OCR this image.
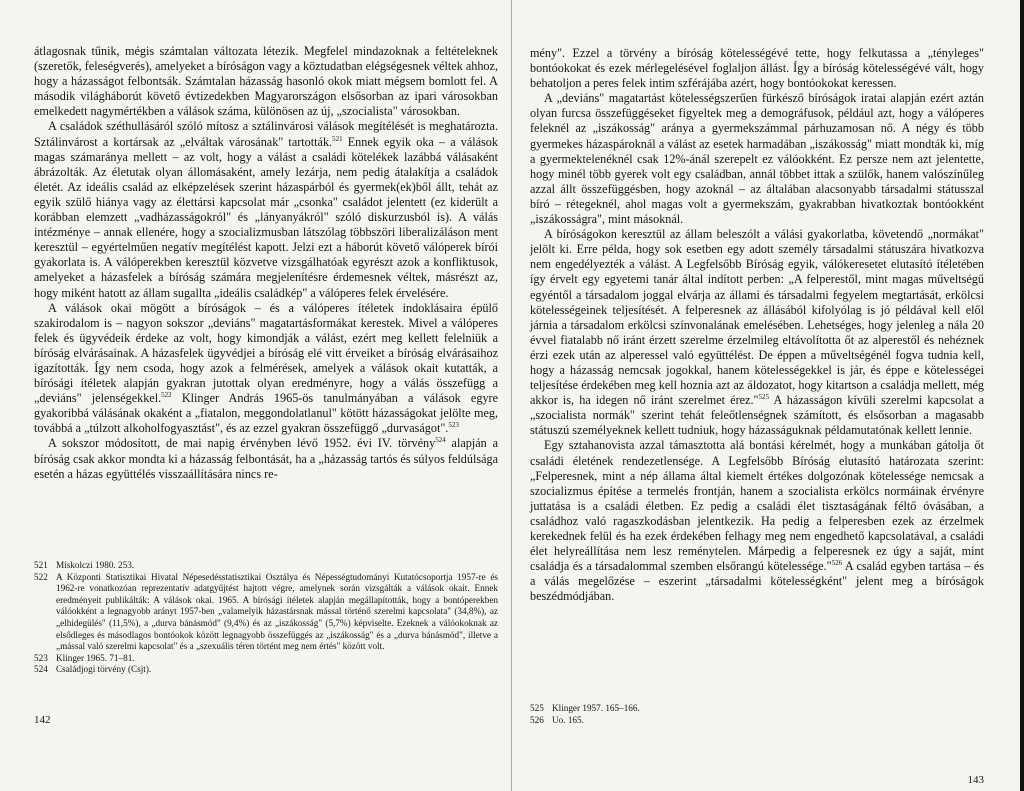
átlagosnak tűnik, mégis számtalan változata létezik. Megfelel mindazoknak a feltételeknek (szeretők, feleségverés), amelyeket a bíróságon vagy a köztudatban elégségesnek véltek ahhoz, hogy a házasságot felbontsák. Számtalan házasság hasonló okok miatt mégsem bomlott fel. A második világháborút követő évtizedekben Magyarországon elsősorban az ipari városokban emelkedett nagymértékben a válások száma, különösen az új, „szocialista" városokban.

A családok széthullásáról szóló mítosz a sztálinvárosi válások megítélését is meghatározta. Sztálinvárost a kortársak az „elváltak városának" tartották.$^{521}$ Ennek egyik oka – a válások magas számaránya mellett – az volt, hogy a válást a családi kötelékek lazábbá válásaként ábrázolták. Az életutak olyan állomásaként, amely lezárja, nem pedig átalakítja a családok életét. Az ideális család az elképzelések szerint házaspárból és gyermek(ek)ből állt, tehát az egyik szülő hiánya vagy az élettársi kapcsolat már „csonka" családot jelentett (ez kiderült a korábban elemzett „vadházasságokról" és „lányanyákról" szóló diskurzusból is). A válás intézménye – annak ellenére, hogy a szocializmusban látszólag többszöri liberalizáláson ment keresztül – egyértelműen negatív megítélést kapott. Jelzi ezt a háborút követő válóperek bírói gyakorlata is. A válóperekben keresztül közvetve vizsgálhatóak egyrészt azok a konfliktusok, amelyeket a házasfelek a bíróság számára megjelenítésre érdemesnek véltek, másrészt az, hogy miként hatott az állam sugallta „ideális családkép" a válóperes felek érvelésére.

A válások okai mögött a bíróságok – és a válóperes ítéletek indoklásaira épülő szakirodalom is – nagyon sokszor „deviáns" magatartásformákat kerestek. Mivel a válóperes felek és ügyvédeik érdeke az volt, hogy kimondják a válást, ezért meg kellett felelniük a bíróság elvárásainak. A házasfelek ügyvédjei a bíróság elé vitt érveiket a bíróság elvárásaihoz igazították. Így nem csoda, hogy azok a felmérések, amelyek a válások okait kutatták, a bírósági ítéletek alapján gyakran jutottak olyan eredményre, hogy a válás összefügg a „deviáns" jelenségekkel.$^{522}$ Klinger András 1965-ös tanulmányában a válások egyre gyakoribbá válásának okaként a „fiatalon, meggondolatlanul" kötött házasságokat jelölte meg, továbbá a „túlzott alkoholfogyasztást", és az ezzel gyakran összefüggő „durvaságot".$^{523}$

A sokszor módosított, de mai napig érvényben lévő 1952. évi IV. törvény$^{524}$ alapján a bíróság csak akkor mondta ki a házasság felbontását, ha a „házasság tartós és súlyos feldúlsága esetén a házas együttélés visszaállítására nincs re-

521 Miskolczi 1980. 253.
522 A Központi Statisztikai Hivatal Népesedésstatisztikai Osztálya és Népességtudományi Kutatócsoportja 1957-re és 1962-re vonatkozóan reprezentatív adatgyűjtést hajtott végre, amelynek során vizsgálták a válások okait. Ennek eredményeit publikálták: A válások okai. 1965. A bírósági ítéletek alapján megállapították, hogy a bontóperekben válóokként a legnagyobb arányt 1957-ben „valamelyik házastársnak mással történő szerelmi kapcsolata" (34,8%), az „elhidegülés" (11,5%), a „durva bánásmód" (9,4%) és az „iszákosság" (5,7%) képviselte. Ezeknek a válóokoknak az elsődleges és másodlagos bontóokok között legnagyobb összefüggés az „iszákosság" és a „durva bánásmód", illetve a „mással való szerelmi kapcsolat" és a „szexuális téren történt meg nem értés" között volt.
523 Klinger 1965. 71–81.
524 Családjogi törvény (Csjt).
142

mény". Ezzel a törvény a bíróság kötelességévé tette, hogy felkutassa a „tényleges" bontóokokat és ezek mérlegelésével foglaljon állást. Így a bíróság kötelességévé vált, hogy behatoljon a peres felek intim szférájába azért, hogy bontóokokat keressen.

A „deviáns" magatartást kötelességszerűen fürkésző bíróságok iratai alapján ezért aztán olyan furcsa összefüggéseket figyeltek meg a demográfusok, például azt, hogy a válóperes feleknél az „iszákosság" aránya a gyermekszámmal párhuzamosan nő. A négy és több gyermekes házaspároknál a válást az esetek harmadában „iszákosság" miatt mondták ki, míg a gyermektelenéknél csak 12%-ánál szerepelt ez válóokként. Ez persze nem azt jelentette, hogy minél több gyerek volt egy családban, annál többet ittak a szülők, hanem valószínűleg azzal állt összefüggésben, hogy azoknál – az általában alacsonyabb társadalmi státusszal bíró – rétegeknél, ahol magas volt a gyermekszám, gyakrabban hivatkoztak bontóokként „iszákosságra", mint másoknál.

A bíróságokon keresztül az állam beleszólt a válási gyakorlatba, követendő „normákat" jelölt ki. Erre példa, hogy sok esetben egy adott személy társadalmi státuszára hivatkozva nem engedélyezték a válást. A Legfelsőbb Bíróság egyik, válókeresetet elutasító ítéletében így érvelt egy egyetemi tanár által indított perben: „A felperestől, mint magas műveltségű egyéntől a társadalom joggal elvárja az állami és társadalmi fegyelem megtartását, erkölcsi kötelességeinek teljesítését. A felperesnek az állásából kifolyólag is jó példával kell elől járnia a társadalom erkölcsi színvonalának emelésében. Lehetséges, hogy jelenleg a nála 20 évvel fiatalabb nő iránt érzett szerelme érzelmileg eltávolította őt az alperestől és nehéznek érzi ezek után az alperessel való együttélést. De éppen a műveltségénél fogva tudnia kell, hogy a házasság nemcsak jogokkal, hanem kötelességekkel is jár, és éppe e kötelességei teljesítése érdekében meg kell hoznia azt az áldozatot, hogy kitartson a családja mellett, még akkor is, ha idegen nő iránt szerelmet érez."$^{525}$ A házasságon kívüli szerelmi kapcsolat a „szocialista normák" szerint tehát feleőtlenségnek számított, és elsősorban a magasabb státuszú személyeknek kellett tudniuk, hogy házasságuknak példamutatónak kellett lennie.

Egy sztahanovista azzal támasztotta alá bontási kérelmét, hogy a munkában gátolja őt családi életének rendezetlensége. A Legfelsőbb Bíróság elutasító határozata szerint: „Felperesnek, mint a nép állama által kiemelt értékes dolgozónak kötelessége nemcsak a szocializmus építése a termelés frontján, hanem a szocialista erkölcs normáinak érvényre juttatása is a családi életben. Ez pedig a családi élet tisztaságának féltő óvásában, a családhoz való ragaszkodásban jelentkezik. Ha pedig a felperesben ezek az érzelmek kerekednek felül és ha ezek érdekében felhagy meg nem engedhető kapcsolatával, a családi élet helyreállítása nem lesz reménytelen. Márpedig a felperesnek ez úgy a saját, mint családja és a társadalommal szemben elsőrangú kötelessége."$^{526}$ A család egyben tartása – és a válás megelőzése – eszerint „társadalmi kötelességként" jelent meg a bíróságok beszédmódjában.

525 Klinger 1957. 165–166.
526 Uo. 165.
143
